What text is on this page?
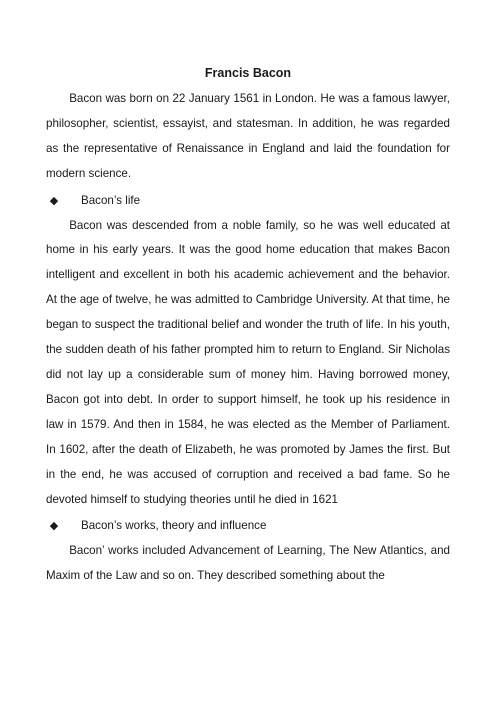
Francis Bacon

Bacon was born on 22 January 1561 in London. He was a famous lawyer, philosopher, scientist, essayist, and statesman. In addition, he was regarded as the representative of Renaissance in England and laid the foundation for modern science.

◆	Bacon’s life

Bacon was descended from a noble family, so he was well educated at home in his early years. It was the good home education that makes Bacon intelligent and excellent in both his academic achievement and the behavior. At the age of twelve, he was admitted to Cambridge University. At that time, he began to suspect the traditional belief and wonder the truth of life. In his youth, the sudden death of his father prompted him to return to England. Sir Nicholas did not lay up a considerable sum of money him. Having borrowed money, Bacon got into debt. In order to support himself, he took up his residence in law in 1579. And then in 1584, he was elected as the Member of Parliament. In 1602, after the death of Elizabeth, he was promoted by James the first. But in the end, he was accused of corruption and received a bad fame. So he devoted himself to studying theories until he died in 1621

◆	Bacon’s works, theory and influence

Bacon’ works included Advancement of Learning, The New Atlantics, and Maxim of the Law and so on. They described something about the
